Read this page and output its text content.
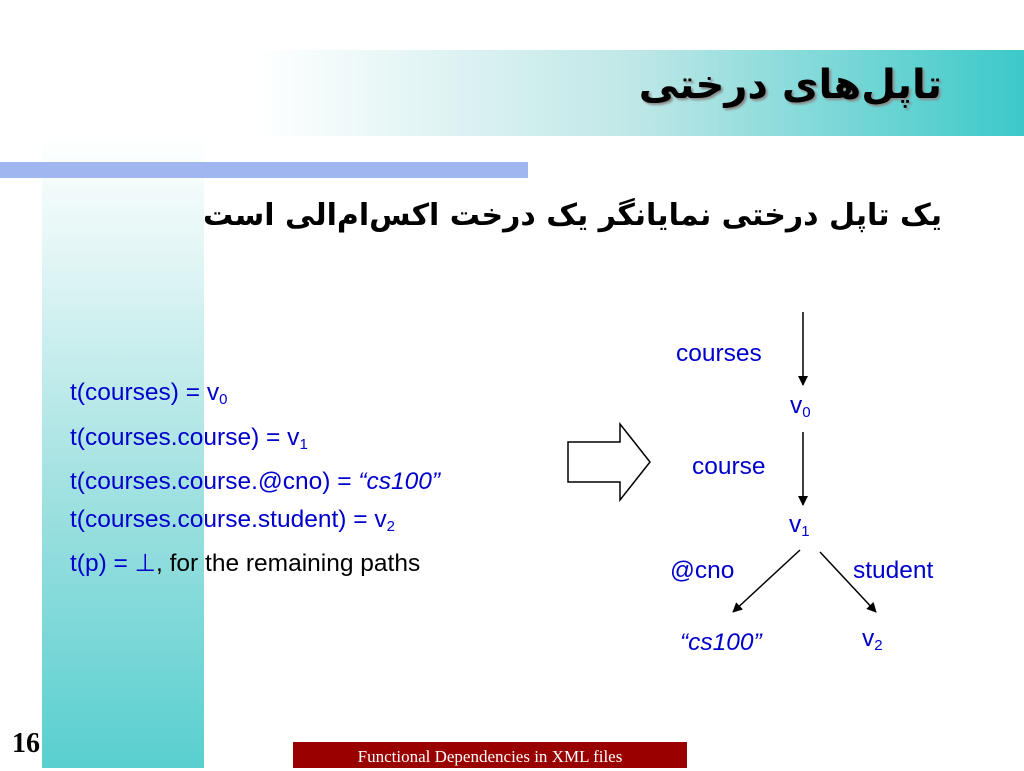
تاپل‌های درختی
یک تاپل درختی نمایانگر یک درخت اکس‌ام‌الی است
t(courses) = $v_0$
t(courses.course) = $v_1$
t(courses.course.@cno) = “cs100”
t(courses.course.student) = $v_2$
t(p) = ⊥, for the remaining paths
courses
$v_0$
course
$v_1$
@cno	student
“cs100”	$v_2$
16	Functional Dependencies in XML files
